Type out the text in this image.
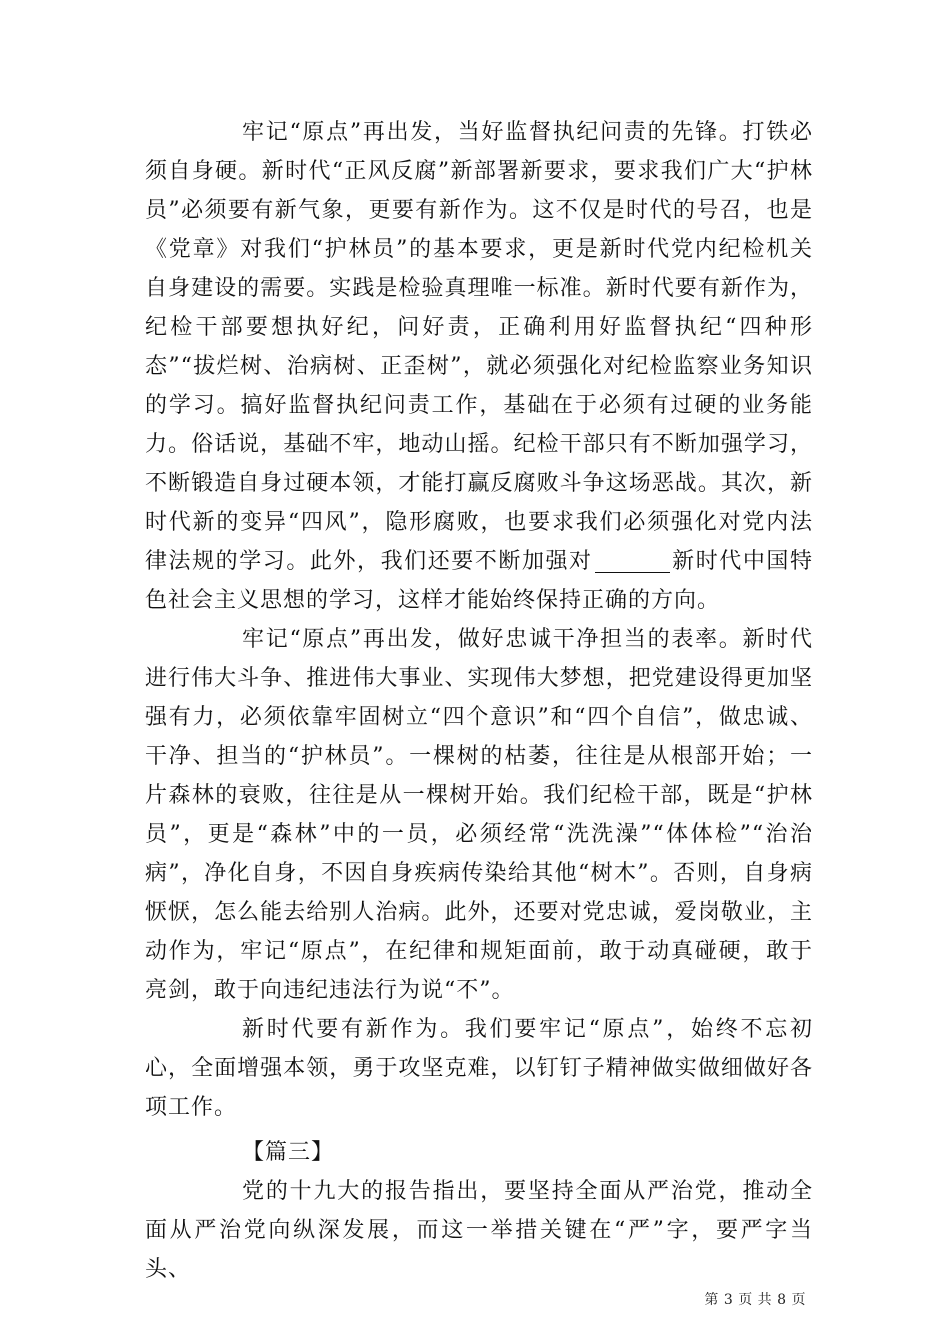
牢记“原点”再出发，当好监督执纪问责的先锋。打铁必须自身硬。新时代“正风反腐”新部署新要求，要求我们广大“护林员”必须要有新气象，更要有新作为。这不仅是时代的号召，也是《党章》对我们“护林员”的基本要求，更是新时代党内纪检机关自身建设的需要。实践是检验真理唯一标准。新时代要有新作为，纪检干部要想执好纪，问好责，正确利用好监督执纪“四种形态”“拔烂树、治病树、正歪树”，就必须强化对纪检监察业务知识的学习。搞好监督执纪问责工作，基础在于必须有过硬的业务能力。俗话说，基础不牢，地动山摇。纪检干部只有不断加强学习，不断锻造自身过硬本领，才能打赢反腐败斗争这场恶战。其次，新时代新的变异“四风”，隐形腐败，也要求我们必须强化对党内法律法规的学习。此外，我们还要不断加强对	新时代中国特色社会主义思想的学习，这样才能始终保持正确的方向。

牢记“原点”再出发，做好忠诚干净担当的表率。新时代进行伟大斗争、推进伟大事业、实现伟大梦想，把党建设得更加坚强有力，必须依靠牢固树立“四个意识”和“四个自信”，做忠诚、干净、担当的“护林员”。一棵树的枯萎，往往是从根部开始；一片森林的衰败，往往是从一棵树开始。我们纪检干部，既是“护林员”，更是“森林”中的一员，必须经常“洗洗澡”“体体检”“治治病”，净化自身，不因自身疾病传染给其他“树木”。否则，自身病恹恹，怎么能去给别人治病。此外，还要对党忠诚，爱岗敬业，主动作为，牢记“原点”，在纪律和规矩面前，敢于动真碰硬，敢于亮剑，敢于向违纪违法行为说“不”。

新时代要有新作为。我们要牢记“原点”，始终不忘初心，全面增强本领，勇于攻坚克难，以钉钉子精神做实做细做好各项工作。

【篇三】

党的十九大的报告指出，要坚持全面从严治党，推动全面从严治党向纵深发展，而这一举措关键在“严”字，要严字当头、

第 3 页 共 8 页
